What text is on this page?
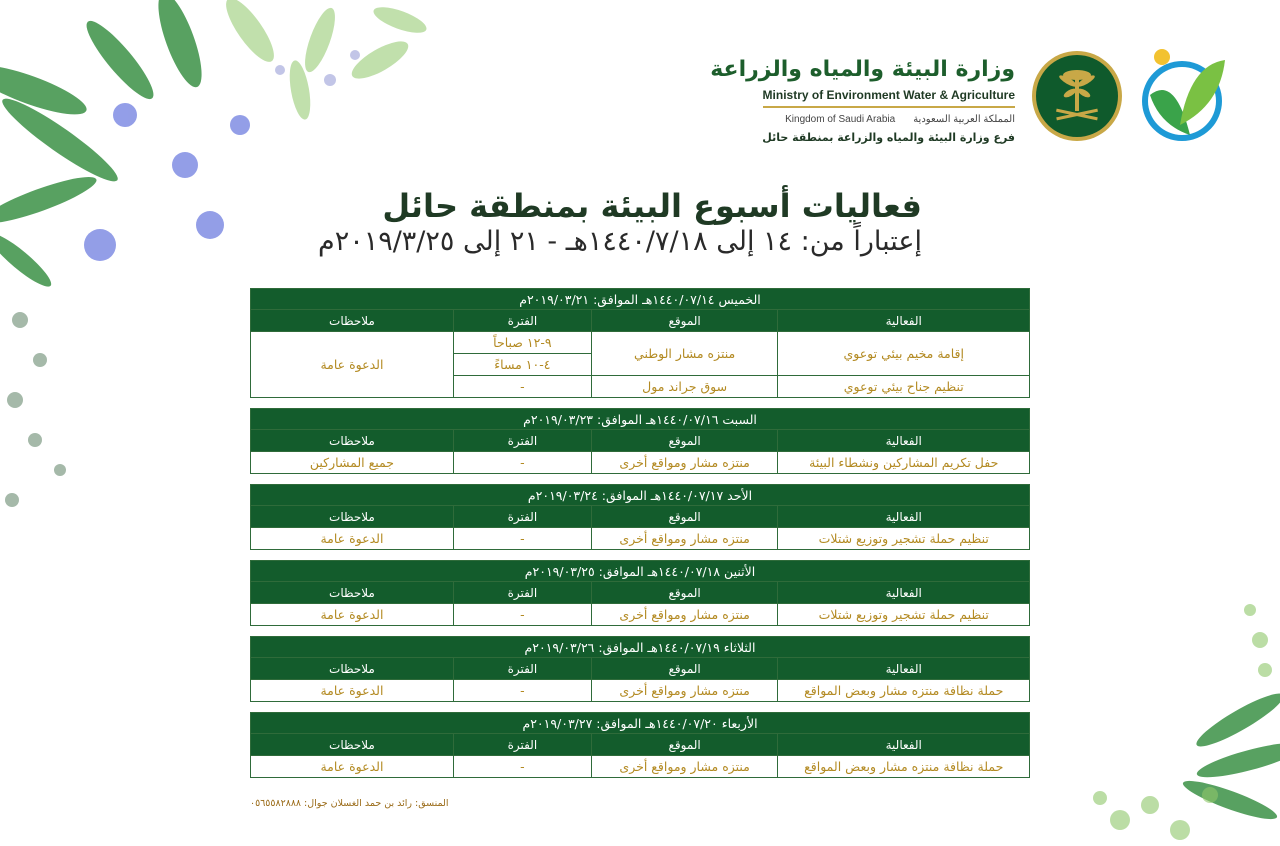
وزارة البيئة والمياه والزراعة
Ministry of Environment Water & Agriculture
Kingdom of Saudi Arabia المملكة العربية السعودية
فرع وزارة البيئة والمياه والزراعة بمنطقة حائل
فعاليات أسبوع البيئة بمنطقة حائل
إعتباراً من: ١٤ إلى ١٤٤٠/٧/١٨هـ - ٢١ إلى ٢٠١٩/٣/٢٥م
الخميس ١٤٤٠/٠٧/١٤هـ الموافق: ٢٠١٩/٠٣/٢١م			
الفعالية	الموقع	الفترة	ملاحظات
إقامة مخيم بيئي توعوي	منتزه مشار الوطني	٩-١٢ صباحاً	الدعوة عامة
		٤-١٠ مساءً	
تنظيم جناح بيئي توعوي	سوق جراند مول	-	
السبت ١٤٤٠/٠٧/١٦هـ الموافق: ٢٠١٩/٠٣/٢٣م			
الفعالية	الموقع	الفترة	ملاحظات
حفل تكريم المشاركين ونشطاء البيئة	منتزه مشار ومواقع أخرى	-	جميع المشاركين
الأحد ١٤٤٠/٠٧/١٧هـ الموافق: ٢٠١٩/٠٣/٢٤م			
الفعالية	الموقع	الفترة	ملاحظات
تنظيم حملة تشجير وتوزيع شتلات	منتزه مشار ومواقع أخرى	-	الدعوة عامة
الأثنين ١٤٤٠/٠٧/١٨هـ الموافق: ٢٠١٩/٠٣/٢٥م			
الفعالية	الموقع	الفترة	ملاحظات
تنظيم حملة تشجير وتوزيع شتلات	منتزه مشار ومواقع أخرى	-	الدعوة عامة
الثلاثاء ١٤٤٠/٠٧/١٩هـ الموافق: ٢٠١٩/٠٣/٢٦م			
الفعالية	الموقع	الفترة	ملاحظات
حملة نظافة منتزه مشار وبعض المواقع	منتزه مشار ومواقع أخرى	-	الدعوة عامة
الأربعاء ١٤٤٠/٠٧/٢٠هـ الموافق: ٢٠١٩/٠٣/٢٧م			
الفعالية	الموقع	الفترة	ملاحظات
حملة نظافة منتزه مشار وبعض المواقع	منتزه مشار ومواقع أخرى	-	الدعوة عامة
المنسق: رائد بن حمد الغسلان جوال: ٠٥٦٥٥٨٢٨٨٨
